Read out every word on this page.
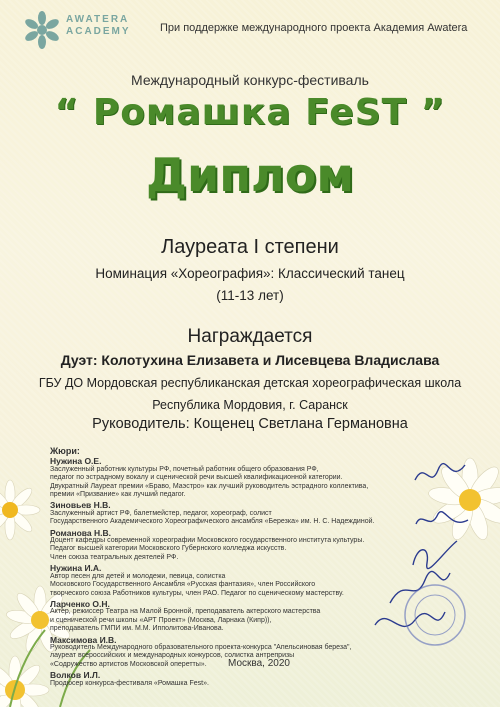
AWATERA
ACADEMY	При поддержке международного проекта Академия Awatera
Международный конкурс-фестиваль
“ Ромашка FeST ”
Диплом
Лауреата I степени
Номинация «Хореография»: Классический танец
(11-13 лет)
Награждается
Дуэт: Колотухина Елизавета и Лисевцева Владислава
ГБУ ДО Мордовская республиканская детская хореографическая школа
Республика Мордовия, г. Саранск
Руководитель: Кощенец Светлана Германовна
Жюри:
Нужина О.Е.
Заслуженный работник культуры РФ, почетный работник общего образования РФ,
педагог по эстрадному вокалу и сценической речи высшей квалификационной категории.
Двукратный Лауреат премии «Браво, Маэстро» как лучший руководитель эстрадного коллектива,
премии «Призвание» как лучший педагог.
Зиновьев Н.В.
Заслуженный артист РФ, балетмейстер, педагог, хореограф, солист
Государственного Академического Хореографического ансамбля «Березка» им. Н. С. Надеждиной.
Романова Н.В.
Доцент кафедры современной хореографии Московского государственного института культуры.
Педагог высшей категории Московского Губернского колледжа искусств.
Член союза театральных деятелей РФ.
Нужина И.А.
Автор песен для детей и молодежи, певица, солистка
Московского Государственного Ансамбля «Русская фантазия», член Российского
творческого союза Работников культуры, член РАО. Педагог по сценическому мастерству.
Ларченко О.Н.
Актер, режиссер Театра на Малой Бронной, преподаватель актерского мастерства
и сценической речи школы «АРТ Проект» (Москва, Ларнака (Кипр)),
преподаватель ГМПИ им. М.М. Ипполитова-Иванова.
Максимова И.В.
Руководитель Международного образовательного проекта-конкурса "Апельсиновая береза",
лауреат всероссийских и международных конкурсов, солистка антрепризы
«Содружество артистов Московской оперетты».
Волков И.Л.
Продюсер конкурса-фестиваля «Ромашка Fest».
Москва, 2020
